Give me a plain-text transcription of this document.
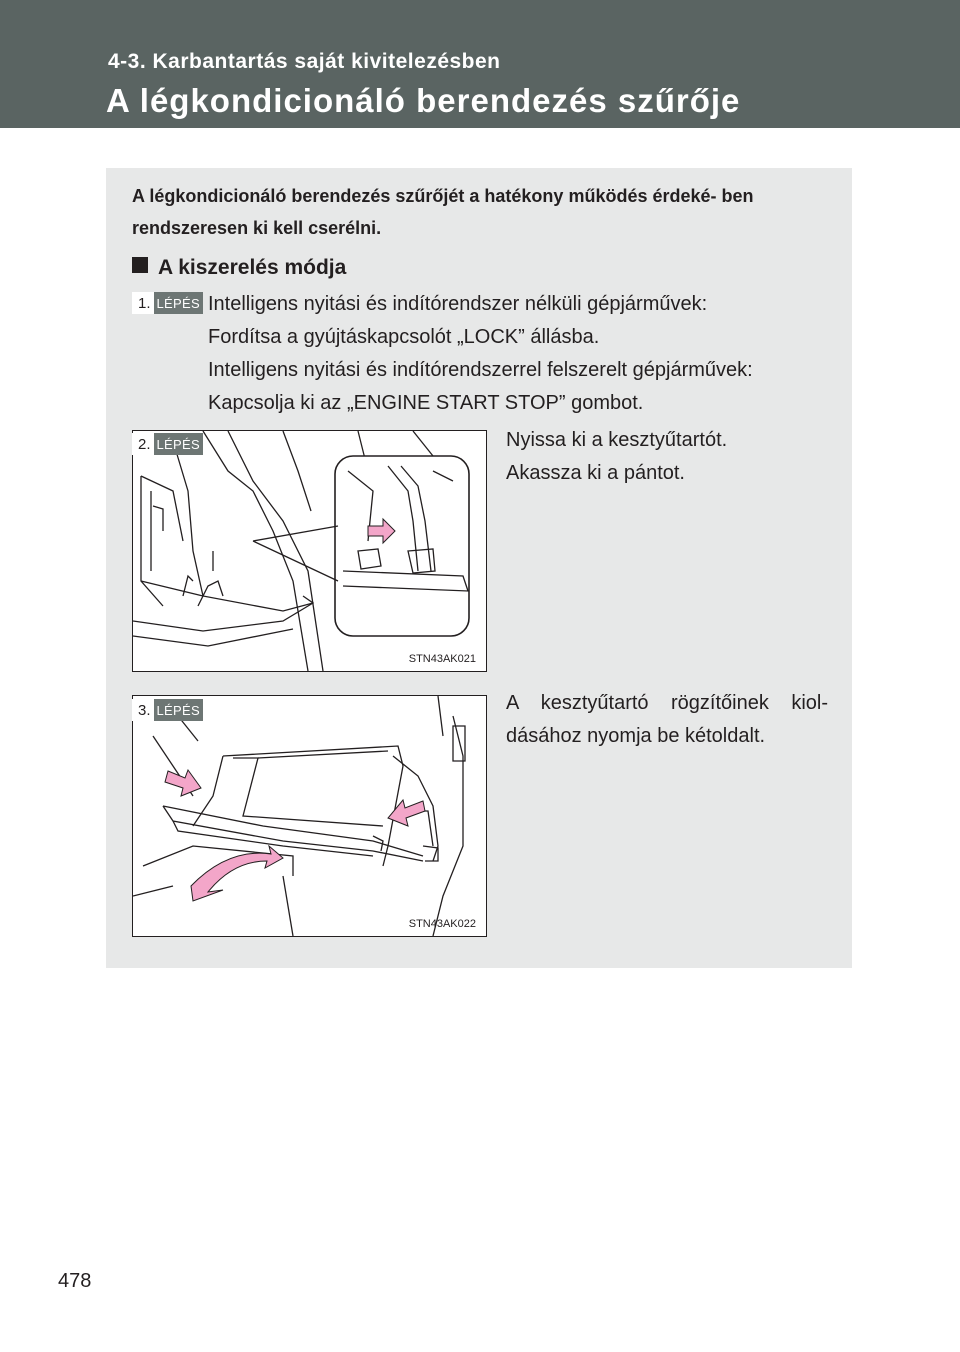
4-3. Karbantartás saját kivitelezésben
A légkondicionáló berendezés szűrője
A légkondicionáló berendezés szűrőjét a hatékony működés érdeké- ben rendszeresen ki kell cserélni.
A kiszerelés módja
1. LÉPÉS Intelligens nyitási és indítórendszer nélküli gépjárművek:
Fordítsa a gyújtáskapcsolót „LOCK” állásba.
Intelligens nyitási és indítórendszerrel felszerelt gépjárművek:
Kapcsolja ki az „ENGINE START STOP” gombot.
STN43AK021
2. LÉPÉS	Nyissa ki a kesztyűtartót.
Akassza ki a pántot.
STN43AK022
3. LÉPÉS	A kesztyűtartó rögzítőinek kiol-
dásához nyomja be kétoldalt.
478
